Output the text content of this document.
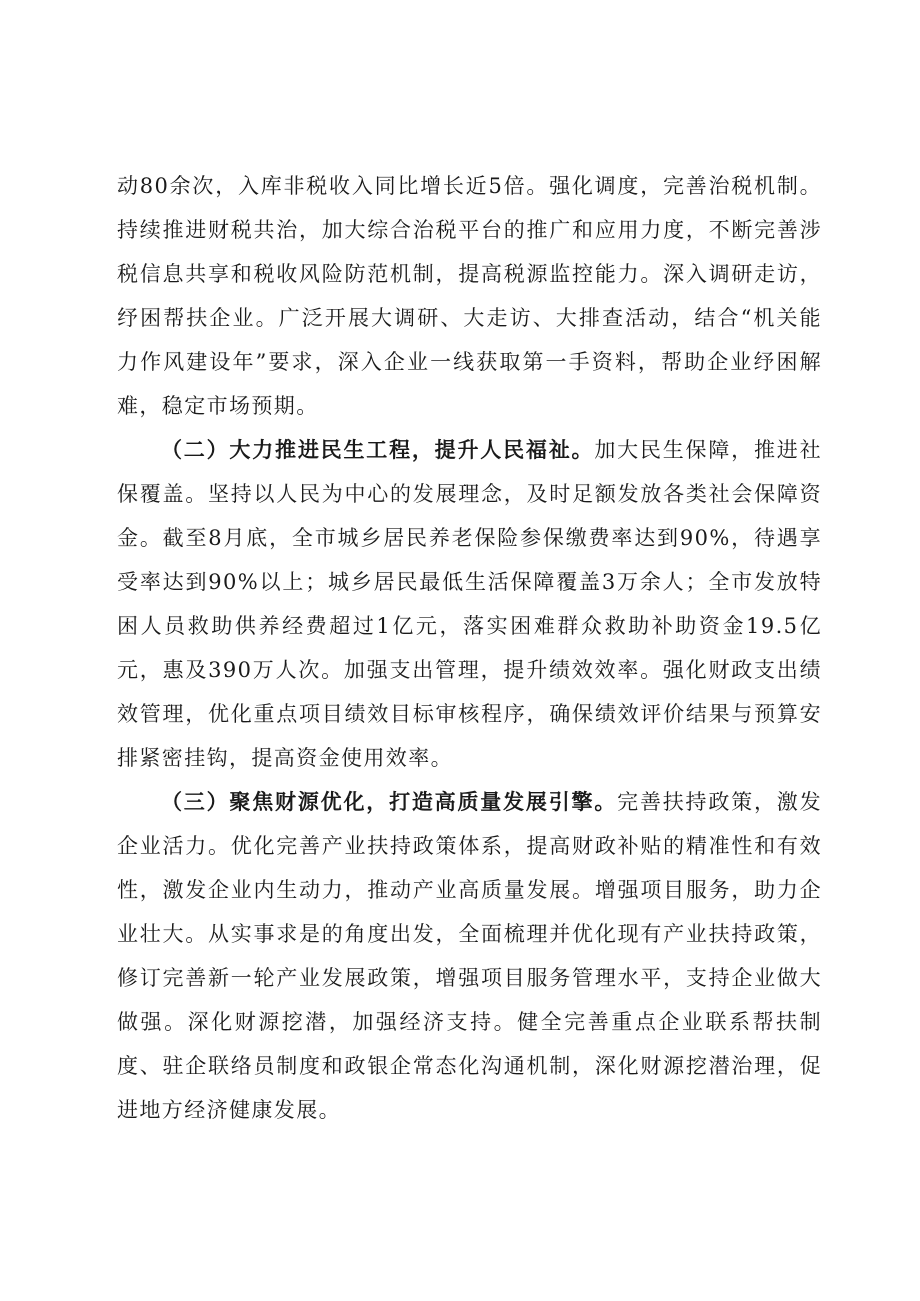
动80余次，入库非税收入同比增长近5倍。强化调度，完善治税机制。持续推进财税共治，加大综合治税平台的推广和应用力度，不断完善涉税信息共享和税收风险防范机制，提高税源监控能力。深入调研走访，纾困帮扶企业。广泛开展大调研、大走访、大排查活动，结合“机关能力作风建设年”要求，深入企业一线获取第一手资料，帮助企业纾困解难，稳定市场预期。

（二）大力推进民生工程，提升人民福祉。加大民生保障，推进社保覆盖。坚持以人民为中心的发展理念，及时足额发放各类社会保障资金。截至8月底，全市城乡居民养老保险参保缴费率达到90%，待遇享受率达到90%以上；城乡居民最低生活保障覆盖3万余人；全市发放特困人员救助供养经费超过1亿元，落实困难群众救助补助资金19.5亿元，惠及390万人次。加强支出管理，提升绩效效率。强化财政支出绩效管理，优化重点项目绩效目标审核程序，确保绩效评价结果与预算安排紧密挂钩，提高资金使用效率。

（三）聚焦财源优化，打造高质量发展引擎。完善扶持政策，激发企业活力。优化完善产业扶持政策体系，提高财政补贴的精准性和有效性，激发企业内生动力，推动产业高质量发展。增强项目服务，助力企业壮大。从实事求是的角度出发，全面梳理并优化现有产业扶持政策，修订完善新一轮产业发展政策，增强项目服务管理水平，支持企业做大做强。深化财源挖潜，加强经济支持。健全完善重点企业联系帮扶制度、驻企联络员制度和政银企常态化沟通机制，深化财源挖潜治理，促进地方经济健康发展。
